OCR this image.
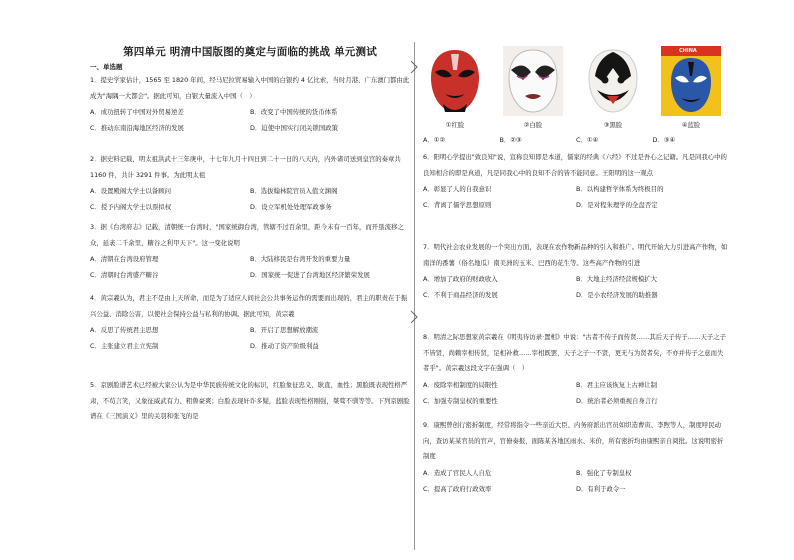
第四单元 明清中国版图的奠定与面临的挑战 单元测试
一、单选题
1．提史学家估计，1565 至 1820 年间，经马尼拉贸易输入中国的白银约 4 亿比索，当时月港、广东澳门都由此成为"海隅一大都会"。据此可知，白银大量流入中国（　）
A．成功扭转了中国对外贸易逆差	B．改变了中国传统的货币体系
C．推动东南沿海地区经济的发展	D．迫使中国实行闭关锁国政策
2．据史料记载，明太祖洪武十三年庚申，十七年九月十四日到二十一日的八天内，内外诸司送到皇宫的奏章共 1160 件，共计 3291 件事。为此明太祖
A．设置殿阁大学士以备顾问	B．选拔翰林院官员入值文渊阁
C．授予内阁大学士以票拟权	D．设立军机处处理军政事务
3．据《台湾府志》记载，清朝统一台湾时，"国家统御台湾，管辖不过百余里，距今未有一百年，而开垦流移之众，延袤二千余里，糖谷之利甲天下"。这一变化说明
A．清朝在台湾设府管理	B．大陆移民是台湾开发的重要力量
C．清朝时台湾盛产糖谷	D．国家统一促进了台湾地区经济繁荣发展
4．黄宗羲认为，君主不是由上天所命，而是为了适应人间社会公共事务运作的需要而出现的，君主的职责在于振兴公益、消除公害，以使社会保持公益与私利的协调。据此可知，黄宗羲
A．反思了传统君主思想	B．开启了思想解放潮流
C．主张建立君主立宪制	D．推动了资产阶级利益
5．京剧脸谱艺术已经被大家公认为是中华民族传统文化的标识，红脸象征忠义、耿直、血性；黑脸既表现性格严肃，不苟言笑，又象征威武有力、粗鲁豪爽；白脸表现奸诈多疑，蓝脸表现性格刚强，桀骜不驯等等。下列京剧脸谱在《三国演义》里的关羽和张飞的是
①红脸	②白脸	③黑脸	④蓝脸
CHINA
A．①②	B．②③	C．①④	D．③④
6．阳明心学提出"致良知"说，宣称良知即是本道，儒家的经典《六经》不过是吾心之记籍。凡是同我心中的良知相合的即是真道，凡是同我心中的良知不合的皆不能同意。王阳明的这一观点
A．彰显了人的自我意识	B．以构建哲学体系为终极目的
C．背离了儒学思想原则	D．是对程朱理学的全盘否定
7．明代社会农业发展的一个突出方面，表现在农作物新品种的引入和推广。明代开始大力引进高产作物，如南洋的番薯（俗名地瓜）南美洲的玉米、巴西的花生等。这些高产作物的引进
A．增加了政府的财政收入	B．大地主经济经营规模扩大
C．不利于商品经济的发展	D．是小农经济发展的助推器
8．明清之际思想家黄宗羲在《明夷待访录·置相》中说："古者不传子而传贤……其后天子传子……天子之子不皆贤，尚赖宰相传贤，足相补救……宰相既罢，天子之子一不贤，更无与为贤者矣，不亦并传子之意而失者乎"。黄宗羲这段文字在强调（　）
A．废除宰相制度的局限性	B．君主应该恢复上古禅让制
C．加强专制皇权的重要性	D．统治者必须重视自身言行
9．康熙曾创行密折制度，经常将指令一些亲近大臣、内务府派出官员如织造曹寅、李煦等人，制度呼民动向，查访某某官员的官声，官僚奏报，面陈某各地区雨水、米价，所有密折均由康熙亲自阅批。这说明密折制度
A．造成了官民人人自危	B．强化了专制皇权
C．提高了政府行政效率	D．有利于政令一
